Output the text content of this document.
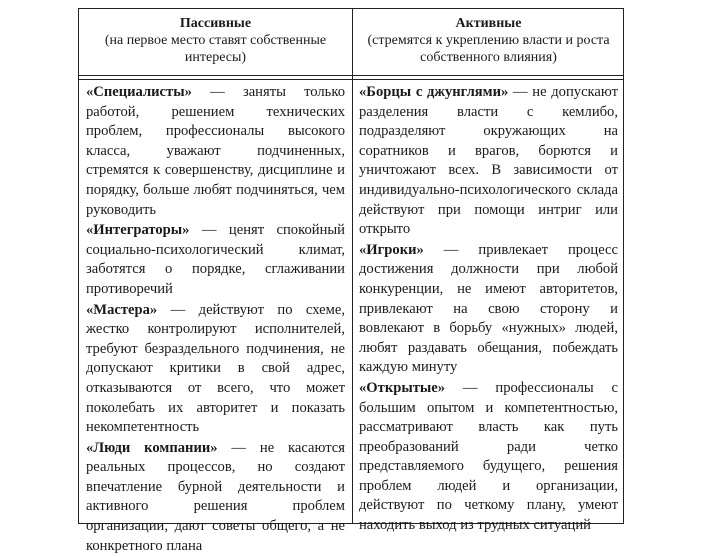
Пассивные
(на первое место ставят собственные интересы)
Активные
(стремятся к укреплению власти и роста собственного влияния)

«Специалисты» — заняты только работой, решением технических проблем, профессионалы высокого класса, уважают подчиненных, стремятся к совершенству, дисциплине и порядку, больше любят подчиняться, чем руководить

«Интеграторы» — ценят спокойный социально-психологический климат, заботятся о порядке, сглаживании противоречий

«Мастера» — действуют по схеме, жестко контролируют исполнителей, требуют безраздельного подчинения, не допускают критики в свой адрес, отказываются от всего, что может поколебать их авторитет и показать некомпетентность

«Люди компании» — не касаются реальных процессов, но создают впечатление бурной деятельности и активного решения проблем организации, дают советы общего, а не конкретного плана

«Борцы с джунглями» — не допускают разделения власти с кемлибо, подразделяют окружающих на соратников и врагов, борются и уничтожают всех. В зависимости от индивидуально-психологического склада действуют при помощи интриг или открыто

«Игроки» — привлекает процесс достижения должности при любой конкуренции, не имеют авторитетов, привлекают на свою сторону и вовлекают в борьбу «нужных» людей, любят раздавать обещания, побеждать каждую минуту

«Открытые» — профессионалы с большим опытом и компетентностью, рассматривают власть как путь преобразований ради четко представляемого будущего, решения проблем людей и организации, действуют по четкому плану, умеют находить выход из трудных ситуаций
